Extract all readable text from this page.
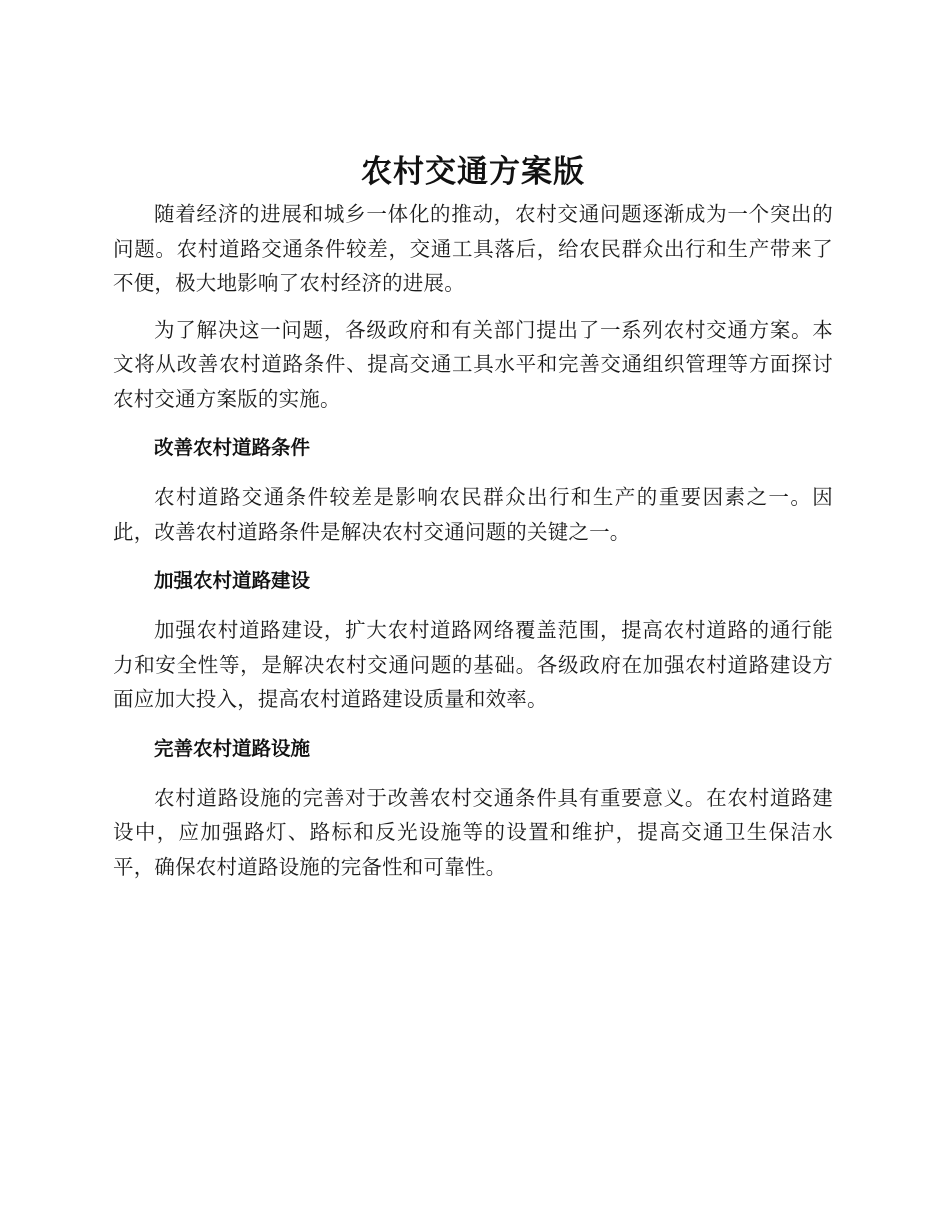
农村交通方案版

随着经济的进展和城乡一体化的推动，农村交通问题逐渐成为一个突出的问题。农村道路交通条件较差，交通工具落后，给农民群众出行和生产带来了不便，极大地影响了农村经济的进展。

为了解决这一问题，各级政府和有关部门提出了一系列农村交通方案。本文将从改善农村道路条件、提高交通工具水平和完善交通组织管理等方面探讨农村交通方案版的实施。

改善农村道路条件

农村道路交通条件较差是影响农民群众出行和生产的重要因素之一。因此，改善农村道路条件是解决农村交通问题的关键之一。

加强农村道路建设

加强农村道路建设，扩大农村道路网络覆盖范围，提高农村道路的通行能力和安全性等，是解决农村交通问题的基础。各级政府在加强农村道路建设方面应加大投入，提高农村道路建设质量和效率。

完善农村道路设施

农村道路设施的完善对于改善农村交通条件具有重要意义。在农村道路建设中，应加强路灯、路标和反光设施等的设置和维护，提高交通卫生保洁水平，确保农村道路设施的完备性和可靠性。
